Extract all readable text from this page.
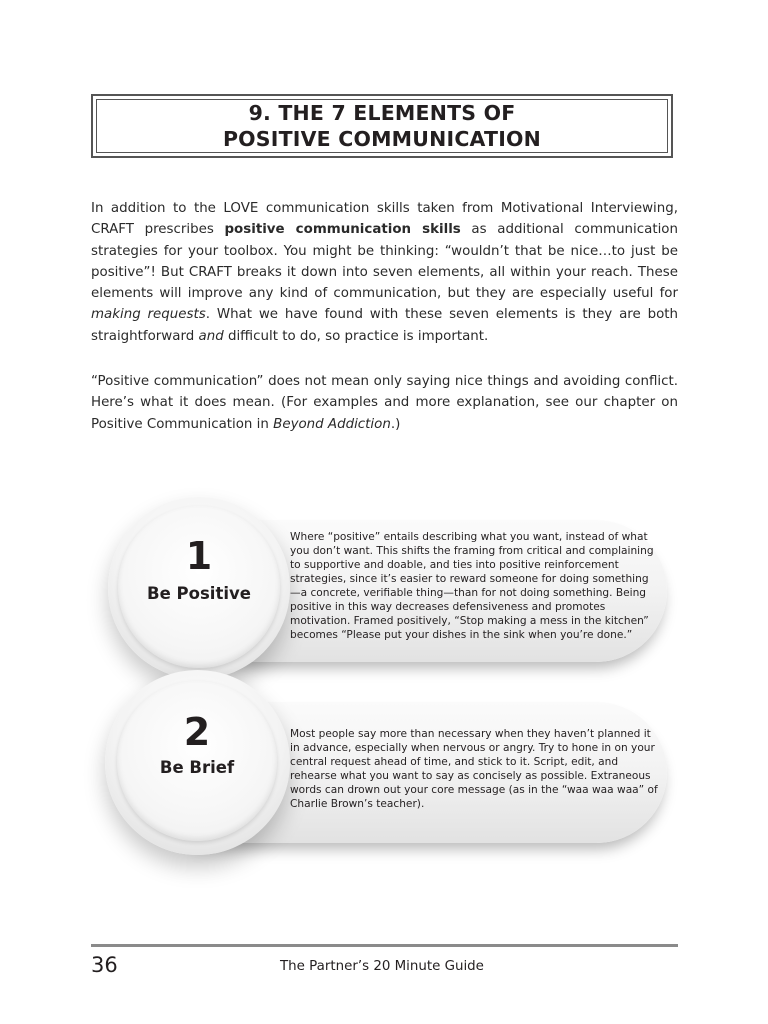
9. THE 7 ELEMENTS OF
POSITIVE COMMUNICATION

In addition to the LOVE communication skills taken from Motivational Interviewing, CRAFT prescribes positive communication skills as additional communication strategies for your toolbox. You might be thinking: “wouldn’t that be nice…to just be positive”! But CRAFT breaks it down into seven elements, all within your reach. These elements will improve any kind of communication, but they are especially useful for making requests. What we have found with these seven elements is they are both straightforward and difficult to do, so practice is important.

“Positive communication” does not mean only saying nice things and avoiding conflict. Here’s what it does mean. (For examples and more explanation, see our chapter on Positive Communication in Beyond Addiction.)

1
Be Positive

Where “positive” entails describing what you want, instead of what you don’t want. This shifts the framing from critical and complaining to supportive and doable, and ties into positive reinforcement strategies, since it’s easier to reward someone for doing something—a concrete, verifiable thing—than for not doing something. Being positive in this way decreases defensiveness and promotes motivation. Framed positively, “Stop making a mess in the kitchen” becomes “Please put your dishes in the sink when you’re done.”

2
Be Brief

Most people say more than necessary when they haven’t planned it in advance, especially when nervous or angry. Try to hone in on your central request ahead of time, and stick to it. Script, edit, and rehearse what you want to say as concisely as possible. Extraneous words can drown out your core message (as in the “waa waa waa” of Charlie Brown’s teacher).

36	The Partner’s 20 Minute Guide
